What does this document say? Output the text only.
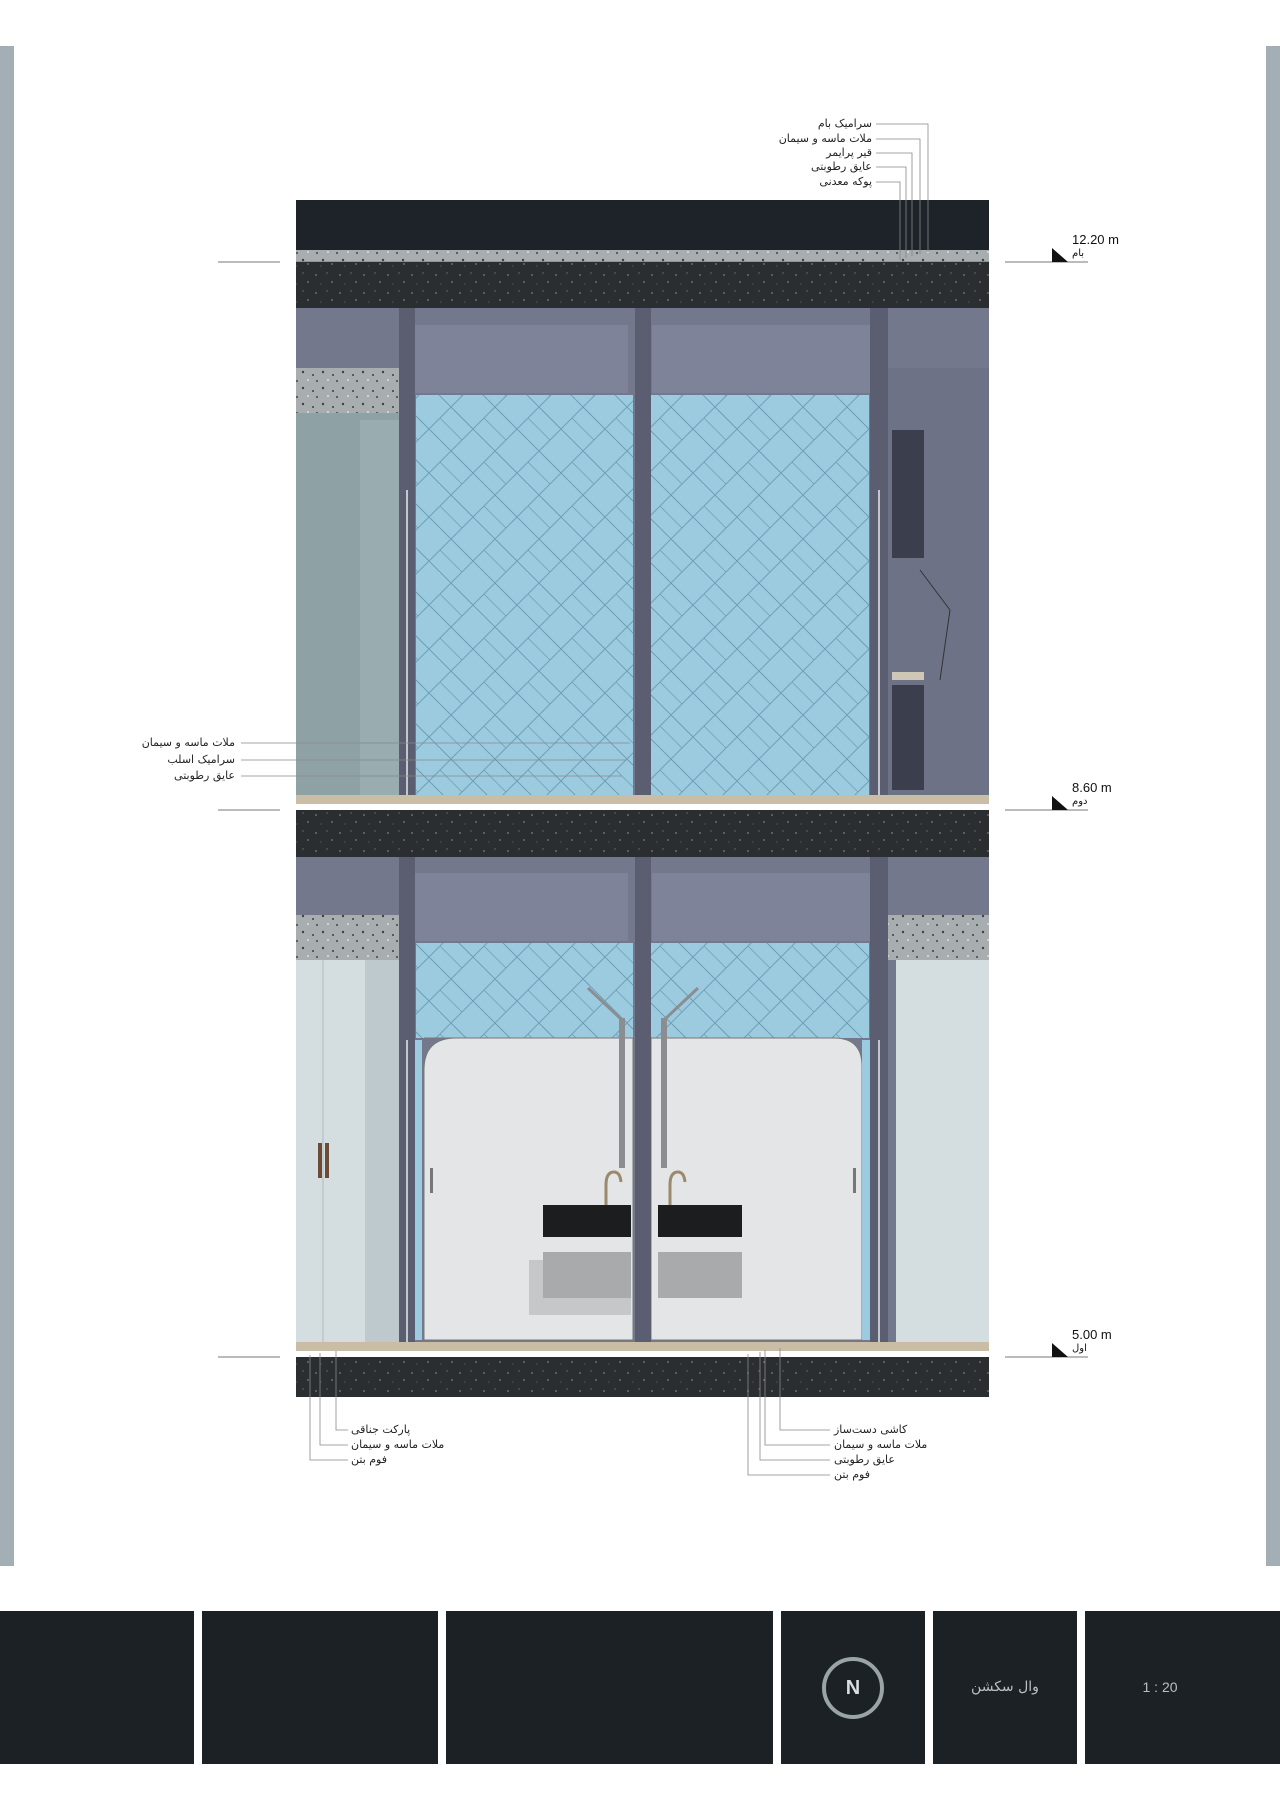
12.20 m
بام
8.60 m
دوم
5.00 m
اول
سرامیک بام
ملات ماسه و سیمان
قیر پرایمر
عایق رطوبتی
پوکه معدنی
ملات ماسه و سیمان
سرامیک اسلب
عایق رطوبتی
پارکت جناقی
ملات ماسه و سیمان
فوم بتن
کاشی دست‌ساز
ملات ماسه و سیمان
عایق رطوبتی
فوم بتن
N	وال سکشن	1 : 20
